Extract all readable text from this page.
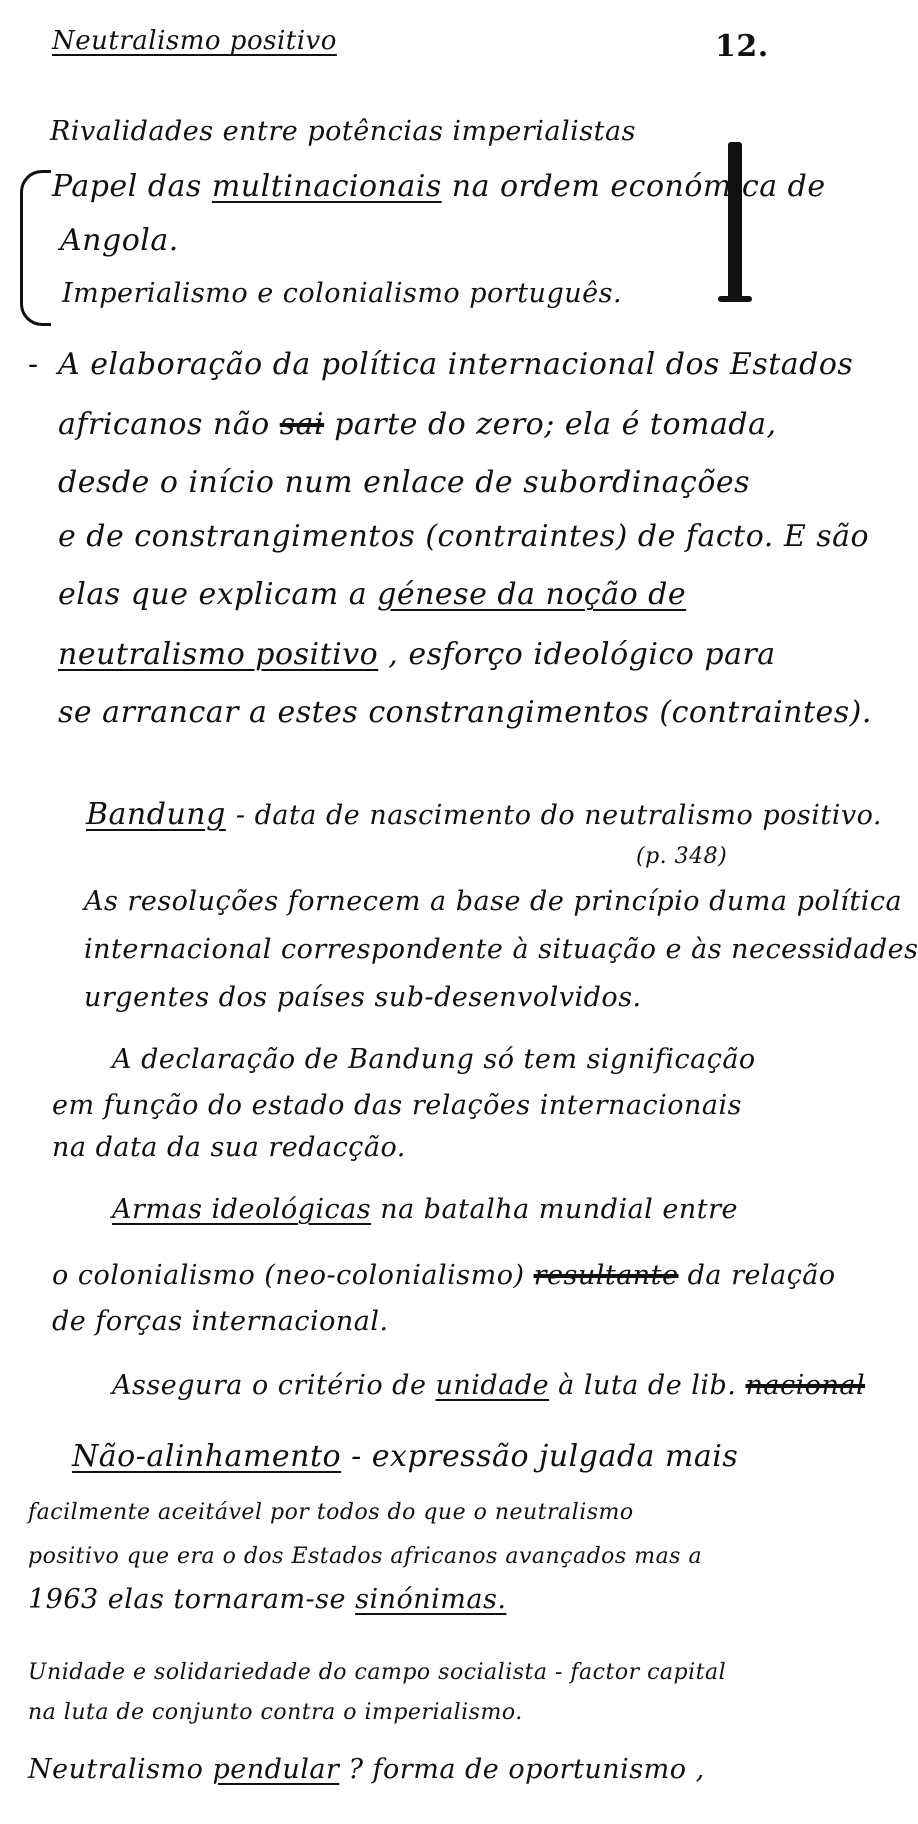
Neutralismo positivo	12.
Rivalidades entre potências imperialistas
Papel das multinacionais na ordem económica de
Angola.
Imperialismo e colonialismo português.
- A elaboração da política internacional dos Estados
africanos não sai parte do zero; ela é tomada,
desde o início num enlace de subordinações
e de constrangimentos (contraintes) de facto. E são
elas que explicam a génese da noção de
neutralismo positivo , esforço ideológico para
se arrancar a estes constrangimentos (contraintes).
Bandung - data de nascimento do neutralismo positivo.
(p. 348)
As resoluções fornecem a base de princípio duma política
internacional correspondente à situação e às necessidades
urgentes dos países sub-desenvolvidos.
A declaração de Bandung só tem significação
em função do estado das relações internacionais
na data da sua redacção.
Armas ideológicas na batalha mundial entre
o colonialismo (neo-colonialismo) resultante da relação
de forças internacional.
Assegura o critério de unidade à luta de lib. nacional
Não-alinhamento - expressão julgada mais
facilmente aceitável por todos do que o neutralismo
positivo que era o dos Estados africanos avançados mas a
1963 elas tornaram-se sinónimas.
Unidade e solidariedade do campo socialista - factor capital
na luta de conjunto contra o imperialismo.
Neutralismo pendular ? forma de oportunismo ,
